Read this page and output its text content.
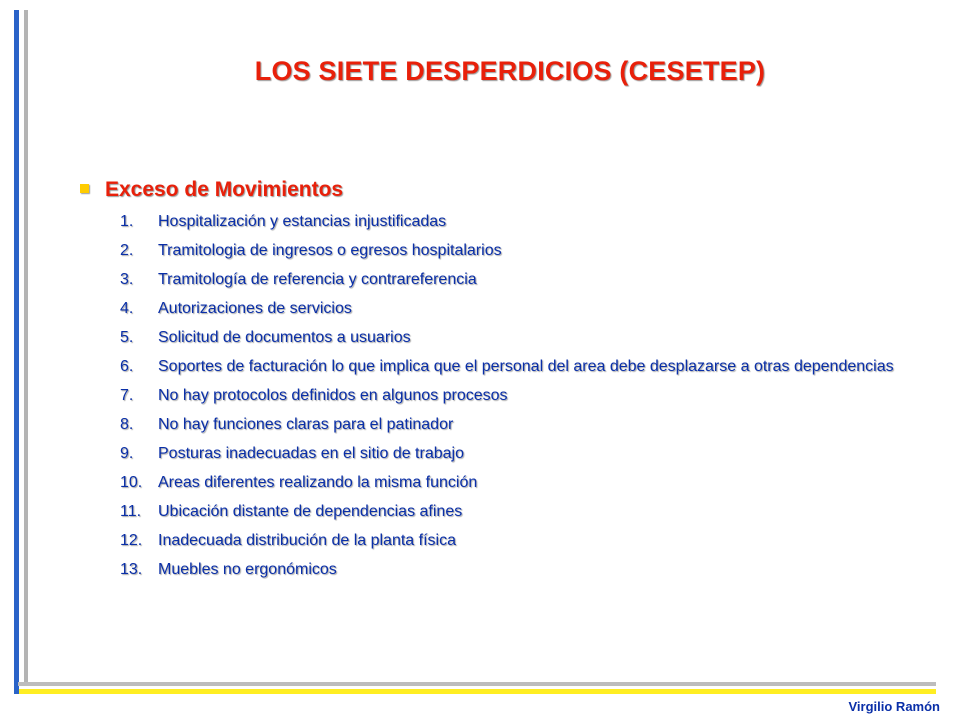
LOS SIETE DESPERDICIOS (CESETEP)
Exceso de Movimientos
1.	Hospitalización y estancias injustificadas
2.	Tramitologia de ingresos o egresos hospitalarios
3.	Tramitología de referencia y contrareferencia
4.	Autorizaciones de servicios
5.	Solicitud de documentos a usuarios
6.	Soportes de facturación lo que implica que el personal del area debe desplazarse a otras dependencias
7.	No hay protocolos definidos en algunos procesos
8.	No hay funciones claras para el patinador
9.	Posturas inadecuadas en el sitio de trabajo
10. Areas diferentes realizando la misma función
11.	Ubicación distante de dependencias afines
12. Inadecuada distribución de la planta física
13. Muebles no ergonómicos
Virgilio Ramón
